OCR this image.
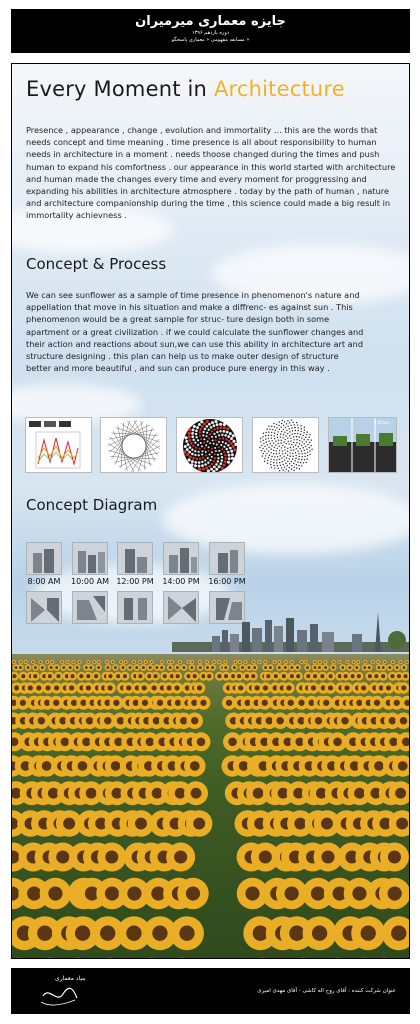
جایزه معماری میرمیران
دوره یازدهم ۱۳۹۶
مسابقه مفهومی « معماری پاسخگو »
Every Moment in Architecture
Presence , appearance , change , evolution and immortality ... this are the words that needs concept and time meaning . time presence is all about responsibility to human needs in architecture in a moment . needs thoose changed during the times and push human to expand his comfortness . our appearance in this world started with architecture and human made the changes every time and every moment for proggressing and expanding his abilities in architecture atmosphere . today by the path of human , nature and architecture companionship during the time , this science could made a big result in immortality achievness .
Concept & Process
We can see sunflower as a sample of time presence in phenomenon's nature and appellation that move in his situation and make a diffrenc- es against sun . This phenomenon would be a great sample for struc- ture design both in some apartment or a great civilization . if we could calculate the sunflower changes and their action and reactions about sun,we can use this ability in architecture art and structure designing . this plan can help us to make outer design of structure better and more beautiful , and sun can produce pure energy in this way .
9.06am
Concept Diagram
8:00 AM	10:00 AM 12:00 PM	14:00 PM	16:00 PM
بنیاد معماری
عنوان شرکت کننده : آقای روح اله کاشی - آقای مهدی امیری
